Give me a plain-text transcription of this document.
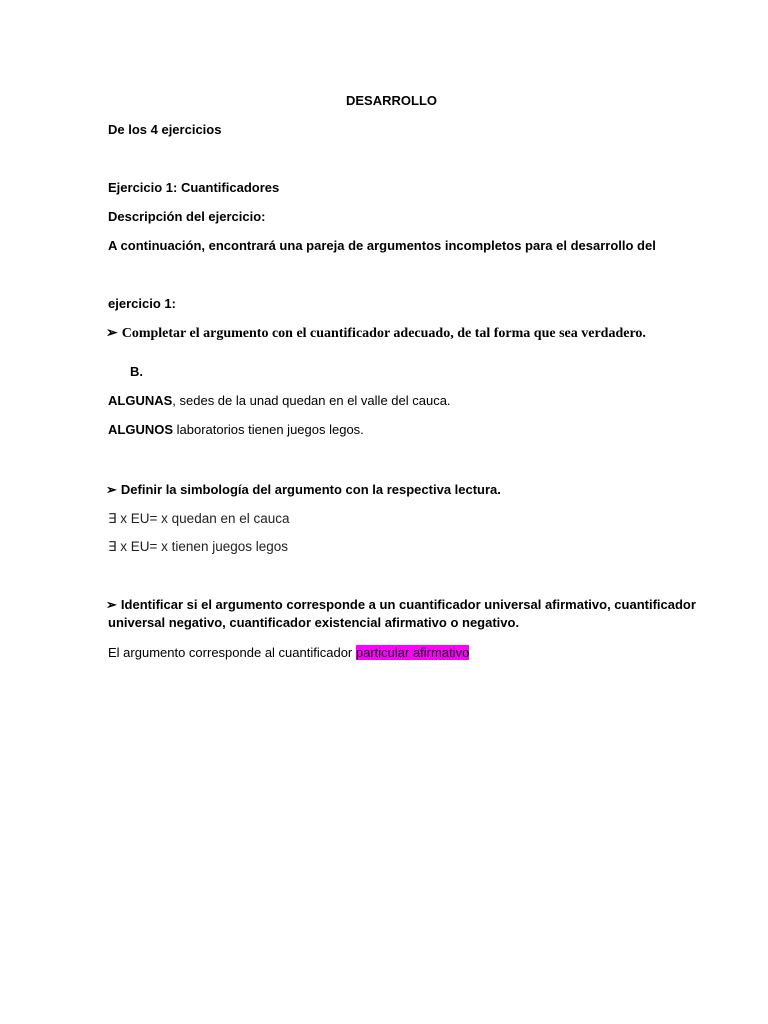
DESARROLLO
De los 4 ejercicios
Ejercicio 1: Cuantificadores
Descripción del ejercicio:
A continuación, encontrará una pareja de argumentos incompletos para el desarrollo del
ejercicio 1:
➢ Completar el argumento con el cuantificador adecuado, de tal forma que sea verdadero.
B.
ALGUNAS, sedes de la unad quedan en el valle del cauca.
ALGUNOS laboratorios tienen juegos legos.
➢ Definir la simbología del argumento con la respectiva lectura.
∃ x EU= x quedan en el cauca
∃ x EU= x tienen juegos legos
➢ Identificar si el argumento corresponde a un cuantificador universal afirmativo, cuantificador
universal negativo, cuantificador existencial afirmativo o negativo.
El argumento corresponde al cuantificador particular afirmativo
